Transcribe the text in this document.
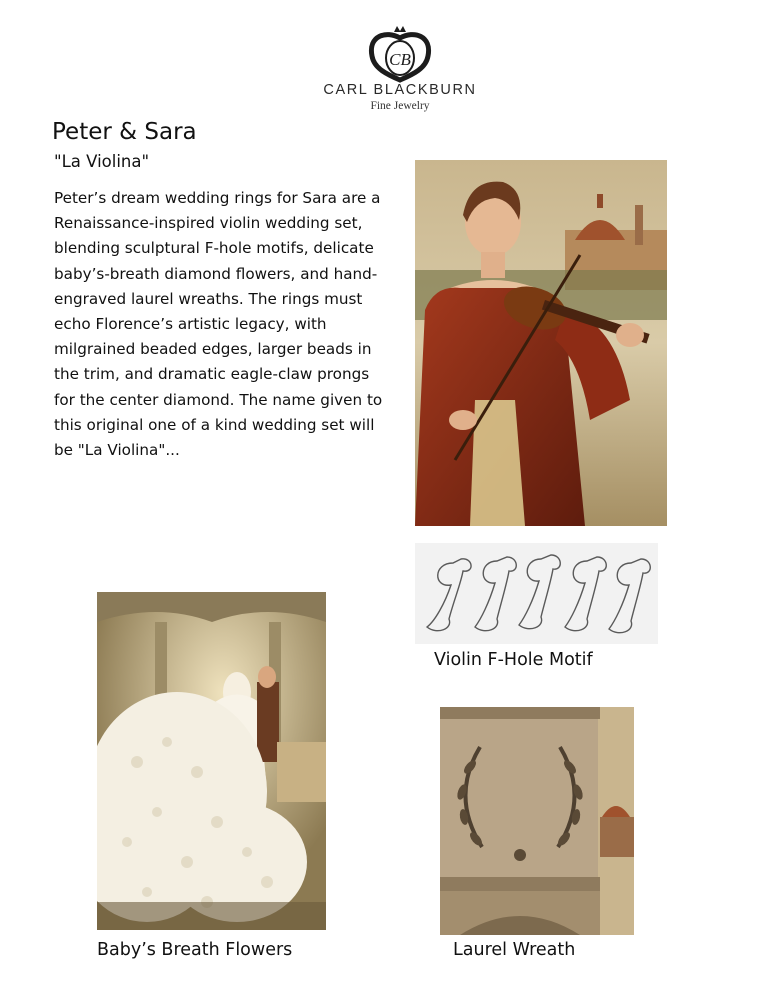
CB
CARL BLACKBURN
Fine Jewelry
Peter & Sara
"La Violina"
Peter’s dream wedding rings for Sara are a Renaissance-inspired violin wedding set, blending sculptural F-hole motifs, delicate baby’s-breath diamond flowers, and hand-engraved laurel wreaths. The rings must echo Florence’s artistic legacy, with milgrained beaded edges, larger beads in the trim, and dramatic eagle-claw prongs for the center diamond. The name given to this original one of a kind wedding set will be "La Violina"...
Violin F-Hole Motif
Baby’s Breath Flowers	Laurel Wreath
